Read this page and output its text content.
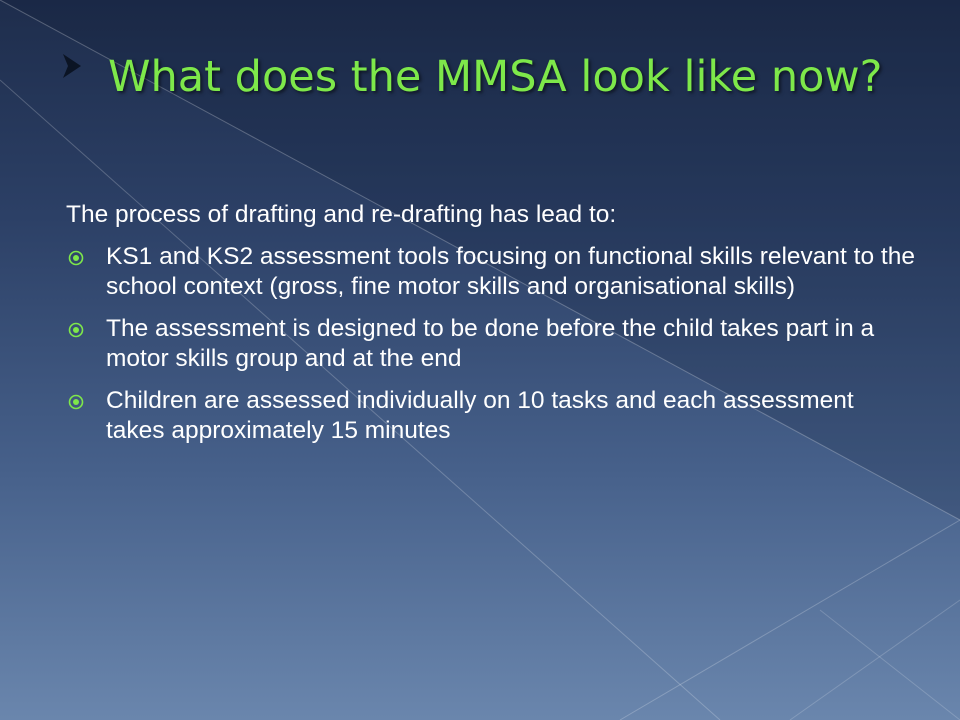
What does the MMSA look like now?

The process of drafting and re-drafting has lead to:

KS1 and KS2 assessment tools focusing on functional skills relevant to the school context (gross, fine motor skills and organisational skills)
The assessment is designed to be done before the child takes part in a motor skills group and at the end
Children are assessed individually on 10 tasks and each assessment takes approximately 15 minutes
